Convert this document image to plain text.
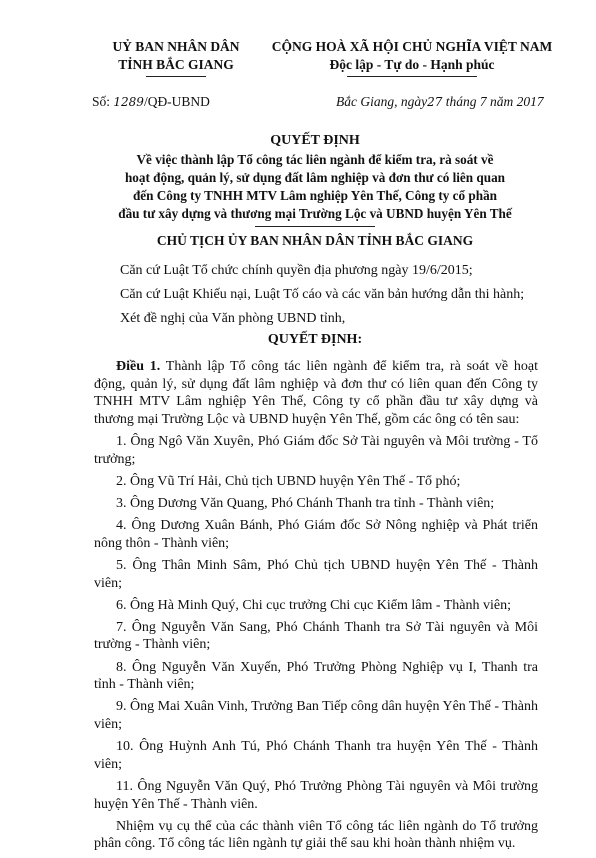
UỶ BAN NHÂN DÂN
TỈNH BẮC GIANG
CỘNG HOÀ XÃ HỘI CHỦ NGHĨA VIỆT NAM
Độc lập - Tự do - Hạnh phúc
Số: 1289/QĐ-UBND	Bắc Giang, ngày27 tháng 7 năm 2017
QUYẾT ĐỊNH
Về việc thành lập Tổ công tác liên ngành để kiểm tra, rà soát về
hoạt động, quản lý, sử dụng đất lâm nghiệp và đơn thư có liên quan
đến Công ty TNHH MTV Lâm nghiệp Yên Thế, Công ty cổ phần
đầu tư xây dựng và thương mại Trường Lộc và UBND huyện Yên Thế
CHỦ TỊCH ỦY BAN NHÂN DÂN TỈNH BẮC GIANG
Căn cứ Luật Tổ chức chính quyền địa phương ngày 19/6/2015;
Căn cứ Luật Khiếu nại, Luật Tố cáo và các văn bản hướng dẫn thi hành;
Xét đề nghị của Văn phòng UBND tỉnh,
QUYẾT ĐỊNH:

Điều 1. Thành lập Tổ công tác liên ngành để kiểm tra, rà soát về hoạt động, quản lý, sử dụng đất lâm nghiệp và đơn thư có liên quan đến Công ty TNHH MTV Lâm nghiệp Yên Thế, Công ty cổ phần đầu tư xây dựng và thương mại Trường Lộc và UBND huyện Yên Thế, gồm các ông có tên sau:

1. Ông Ngô Văn Xuyên, Phó Giám đốc Sở Tài nguyên và Môi trường - Tổ trưởng;

2. Ông Vũ Trí Hải, Chủ tịch UBND huyện Yên Thế - Tổ phó;

3. Ông Dương Văn Quang, Phó Chánh Thanh tra tỉnh - Thành viên;

4. Ông Dương Xuân Bánh, Phó Giám đốc Sở Nông nghiệp và Phát triển nông thôn - Thành viên;

5. Ông Thân Minh Sâm, Phó Chủ tịch UBND huyện Yên Thế - Thành viên;

6. Ông Hà Minh Quý, Chi cục trưởng Chi cục Kiểm lâm - Thành viên;

7. Ông Nguyễn Văn Sang, Phó Chánh Thanh tra Sở Tài nguyên và Môi trường - Thành viên;

8. Ông Nguyễn Văn Xuyến, Phó Trưởng Phòng Nghiệp vụ I, Thanh tra tỉnh - Thành viên;

9. Ông Mai Xuân Vinh, Trưởng Ban Tiếp công dân huyện Yên Thế - Thành viên;

10. Ông Huỳnh Anh Tú, Phó Chánh Thanh tra huyện Yên Thế - Thành viên;

11. Ông Nguyễn Văn Quý, Phó Trưởng Phòng Tài nguyên và Môi trường huyện Yên Thế - Thành viên.

Nhiệm vụ cụ thể của các thành viên Tổ công tác liên ngành do Tổ trưởng phân công. Tổ công tác liên ngành tự giải thể sau khi hoàn thành nhiệm vụ.
